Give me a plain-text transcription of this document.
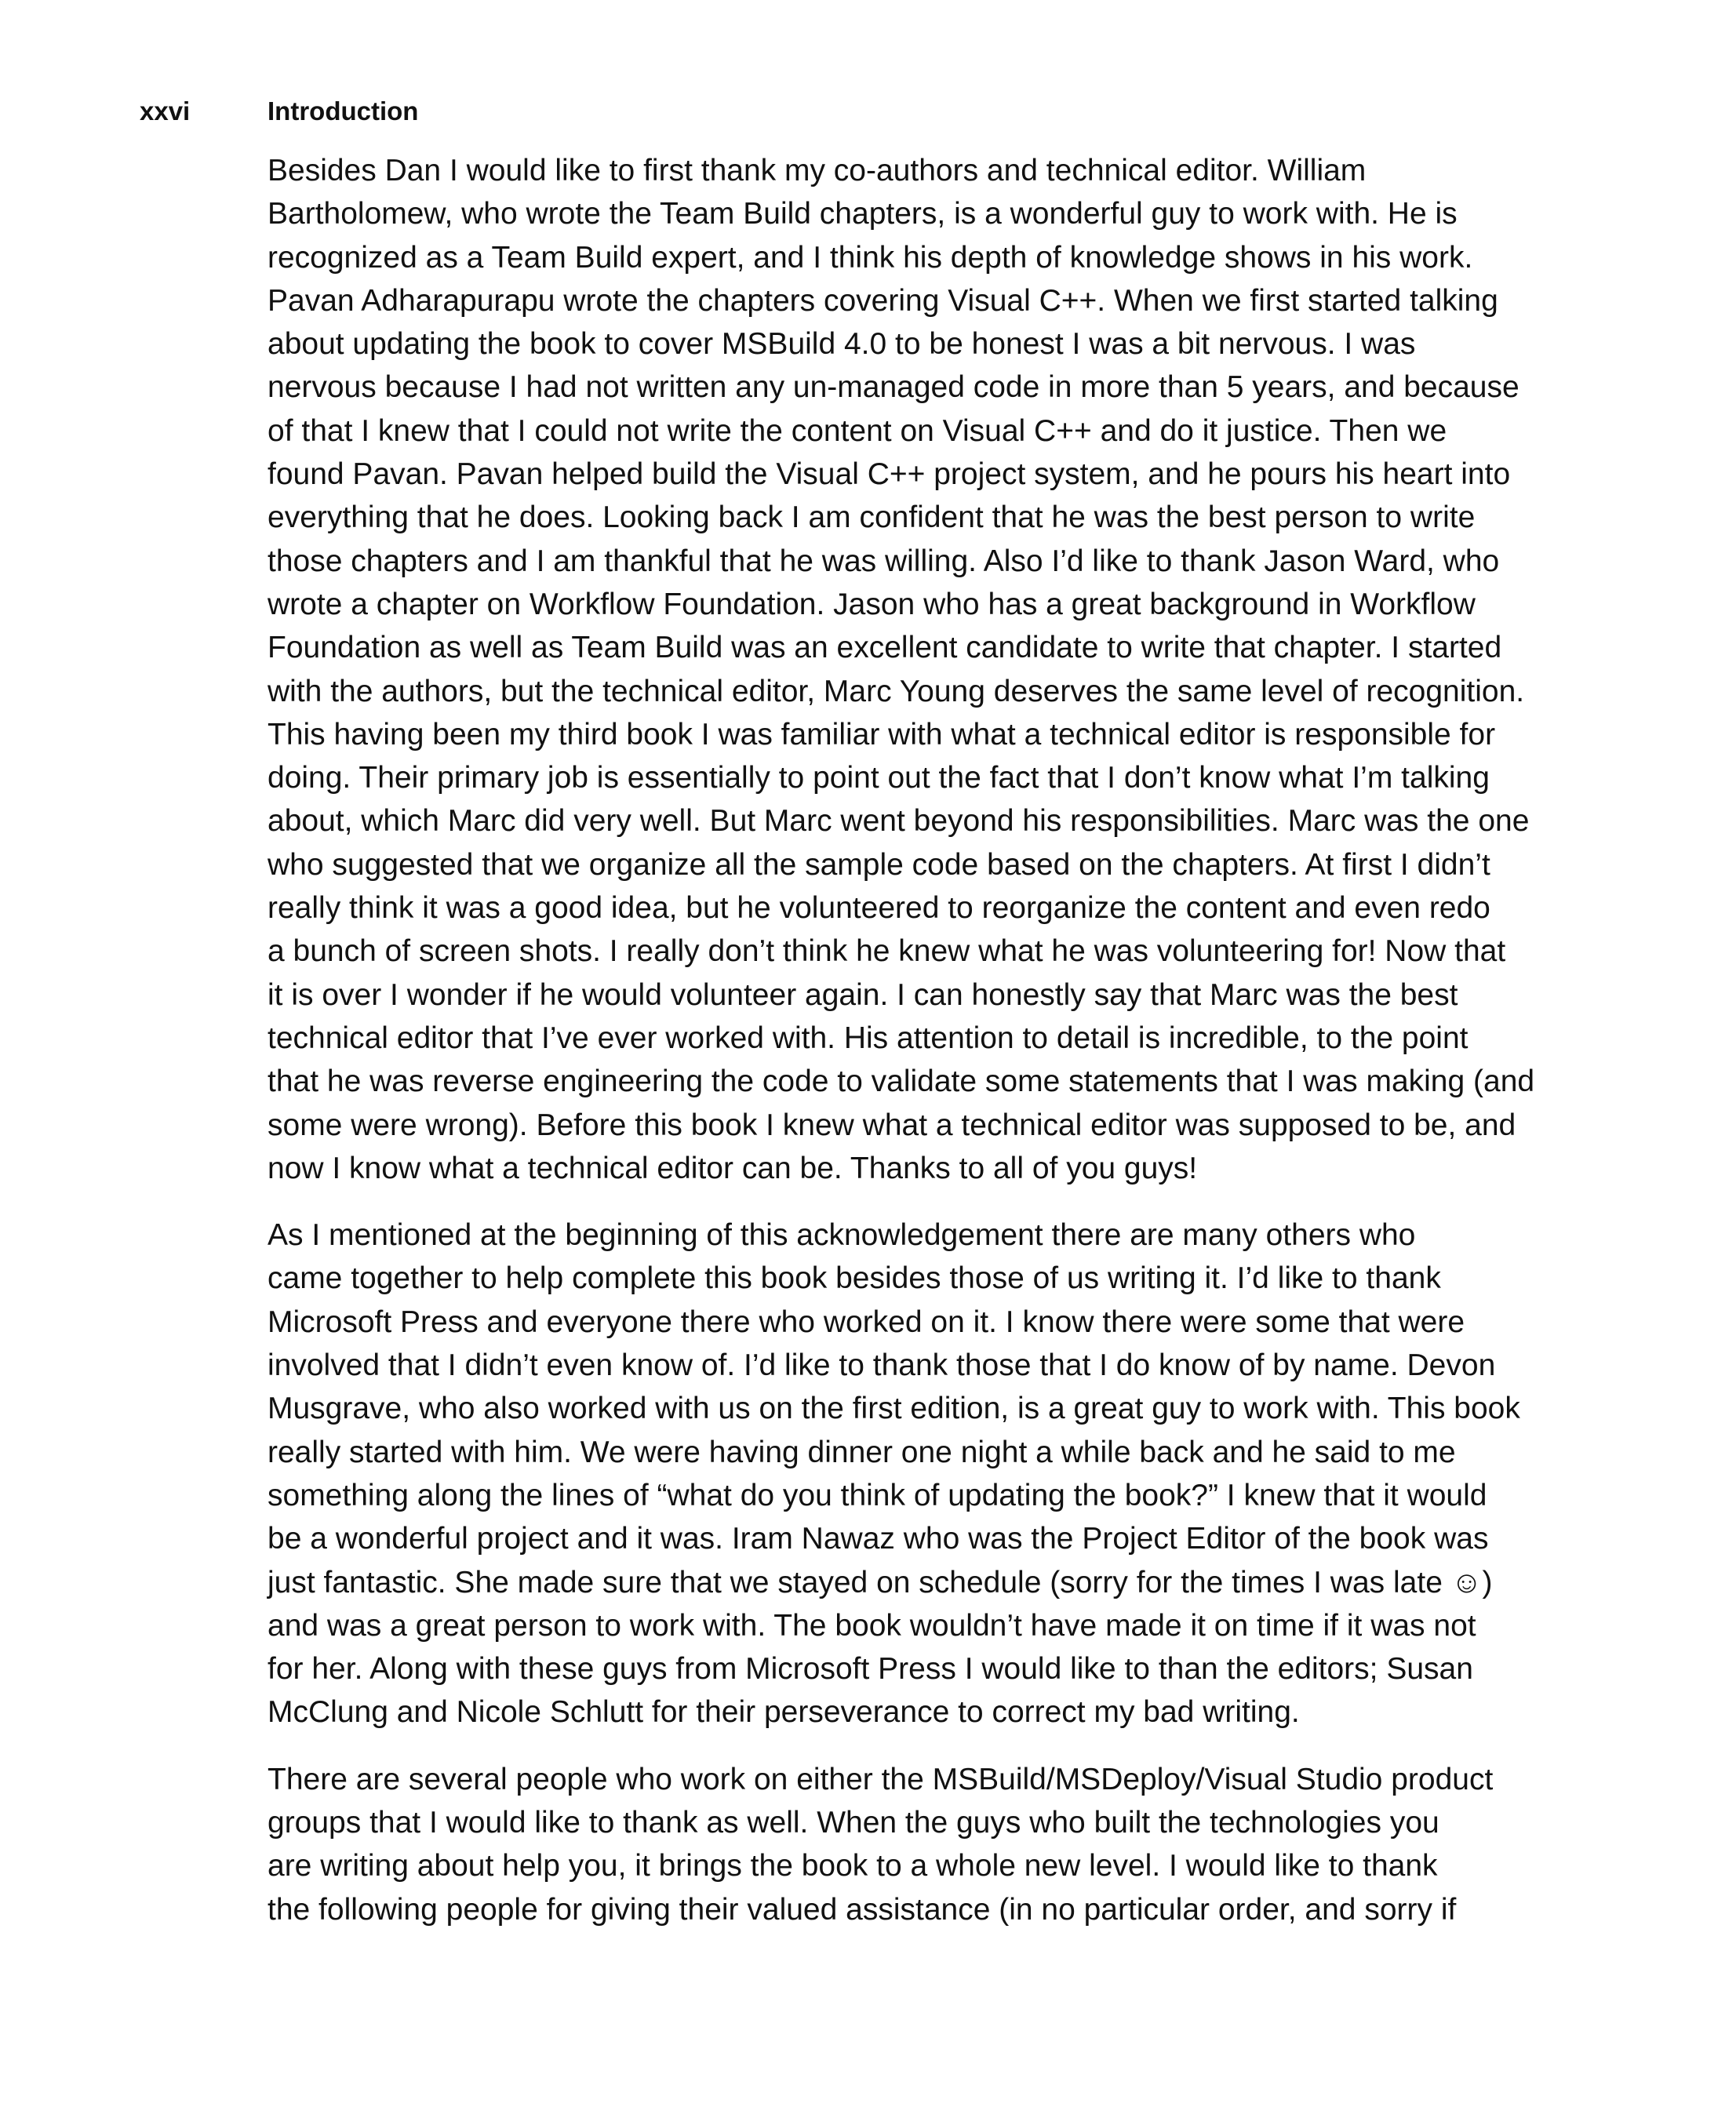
xxvi	Introduction
Besides Dan I would like to first thank my co-authors and technical editor. William
Bartholomew, who wrote the Team Build chapters, is a wonderful guy to work with. He is
recognized as a Team Build expert, and I think his depth of knowledge shows in his work.
Pavan Adharapurapu wrote the chapters covering Visual C++. When we first started talking
about updating the book to cover MSBuild 4.0 to be honest I was a bit nervous. I was
nervous because I had not written any un-managed code in more than 5 years, and because
of that I knew that I could not write the content on Visual C++ and do it justice. Then we
found Pavan. Pavan helped build the Visual C++ project system, and he pours his heart into
everything that he does. Looking back I am confident that he was the best person to write
those chapters and I am thankful that he was willing. Also I’d like to thank Jason Ward, who
wrote a chapter on Workflow Foundation. Jason who has a great background in Workflow
Foundation as well as Team Build was an excellent candidate to write that chapter. I started
with the authors, but the technical editor, Marc Young deserves the same level of recognition.
This having been my third book I was familiar with what a technical editor is responsible for
doing. Their primary job is essentially to point out the fact that I don’t know what I’m talking
about, which Marc did very well. But Marc went beyond his responsibilities. Marc was the one
who suggested that we organize all the sample code based on the chapters. At first I didn’t
really think it was a good idea, but he volunteered to reorganize the content and even redo
a bunch of screen shots. I really don’t think he knew what he was volunteering for! Now that
it is over I wonder if he would volunteer again. I can honestly say that Marc was the best
technical editor that I’ve ever worked with. His attention to detail is incredible, to the point
that he was reverse engineering the code to validate some statements that I was making (and
some were wrong). Before this book I knew what a technical editor was supposed to be, and
now I know what a technical editor can be. Thanks to all of you guys!
As I mentioned at the beginning of this acknowledgement there are many others who
came together to help complete this book besides those of us writing it. I’d like to thank
Microsoft Press and everyone there who worked on it. I know there were some that were
involved that I didn’t even know of. I’d like to thank those that I do know of by name. Devon
Musgrave, who also worked with us on the first edition, is a great guy to work with. This book
really started with him. We were having dinner one night a while back and he said to me
something along the lines of “what do you think of updating the book?” I knew that it would
be a wonderful project and it was. Iram Nawaz who was the Project Editor of the book was
just fantastic. She made sure that we stayed on schedule (sorry for the times I was late ☺)
and was a great person to work with. The book wouldn’t have made it on time if it was not
for her. Along with these guys from Microsoft Press I would like to than the editors; Susan
McClung and Nicole Schlutt for their perseverance to correct my bad writing.
There are several people who work on either the MSBuild/MSDeploy/Visual Studio product
groups that I would like to thank as well. When the guys who built the technologies you
are writing about help you, it brings the book to a whole new level. I would like to thank
the following people for giving their valued assistance (in no particular order, and sorry if
